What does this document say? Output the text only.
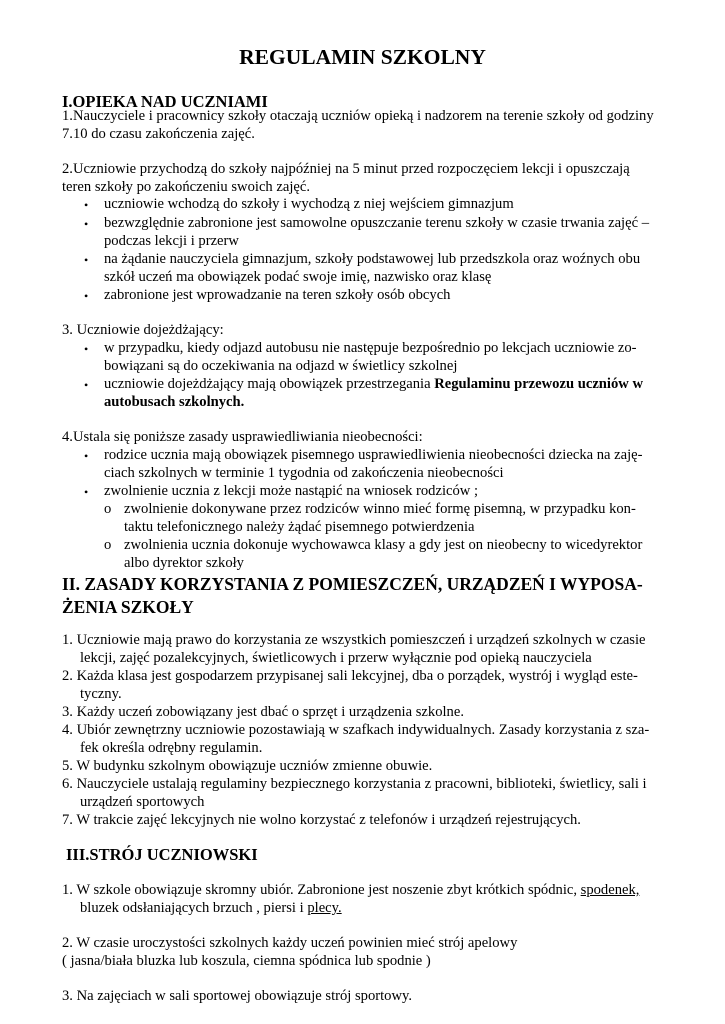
REGULAMIN SZKOLNY
I.OPIEKA NAD UCZNIAMI
1.Nauczyciele i pracownicy szkoły otaczają uczniów opieką i nadzorem na terenie szkoły od godziny
7.10 do czasu zakończenia zajęć.
2.Uczniowie przychodzą do szkoły najpóźniej na 5 minut przed rozpoczęciem lekcji i opuszczają
teren szkoły po zakończeniu swoich zajęć.
• uczniowie wchodzą do szkoły i wychodzą z niej wejściem gimnazjum
• bezwzględnie zabronione jest samowolne opuszczanie terenu szkoły w czasie trwania zajęć –
podczas lekcji i przerw
• na żądanie nauczyciela gimnazjum, szkoły podstawowej lub przedszkola oraz woźnych obu
szkół uczeń ma obowiązek podać swoje imię, nazwisko oraz klasę
• zabronione jest wprowadzanie na teren szkoły osób obcych
3. Uczniowie dojeżdżający:
• w przypadku, kiedy odjazd autobusu nie następuje bezpośrednio po lekcjach uczniowie zo-
bowiązani są do oczekiwania na odjazd w świetlicy szkolnej
• uczniowie dojeżdżający mają obowiązek przestrzegania Regulaminu przewozu uczniów w
autobusach szkolnych.
4.Ustala się poniższe zasady usprawiedliwiania nieobecności:
• rodzice ucznia mają obowiązek pisemnego usprawiedliwienia nieobecności dziecka na zaję-
ciach szkolnych w terminie 1 tygodnia od zakończenia nieobecności
• zwolnienie ucznia z lekcji może nastąpić na wniosek rodziców ;
o zwolnienie dokonywane przez rodziców winno mieć formę pisemną, w przypadku kon-
taktu telefonicznego należy żądać pisemnego potwierdzenia
o zwolnienia ucznia dokonuje wychowawca klasy a gdy jest on nieobecny to wicedyrektor
albo dyrektor szkoły
II. ZASADY KORZYSTANIA Z POMIESZCZEŃ, URZĄDZEŃ I WYPOSA-
ŻENIA SZKOŁY
1. Uczniowie mają prawo do korzystania ze wszystkich pomieszczeń i urządzeń szkolnych w czasie
lekcji, zajęć pozalekcyjnych, świetlicowych i przerw wyłącznie pod opieką nauczyciela
2. Każda klasa jest gospodarzem przypisanej sali lekcyjnej, dba o porządek, wystrój i wygląd este-
tyczny.
3. Każdy uczeń zobowiązany jest dbać o sprzęt i urządzenia szkolne.
4. Ubiór zewnętrzny uczniowie pozostawiają w szafkach indywidualnych. Zasady korzystania z sza-
fek określa odrębny regulamin.
5. W budynku szkolnym obowiązuje uczniów zmienne obuwie.
6. Nauczyciele ustalają regulaminy bezpiecznego korzystania z pracowni, biblioteki, świetlicy, sali i
urządzeń sportowych
7. W trakcie zajęć lekcyjnych nie wolno korzystać z telefonów i urządzeń rejestrujących.
III.STRÓJ UCZNIOWSKI
1. W szkole obowiązuje skromny ubiór. Zabronione jest noszenie zbyt krótkich spódnic, spodenek,
bluzek odsłaniających brzuch , piersi i plecy.
2. W czasie uroczystości szkolnych każdy uczeń powinien mieć strój apelowy
( jasna/biała bluzka lub koszula, ciemna spódnica lub spodnie )
3. Na zajęciach w sali sportowej obowiązuje strój sportowy.
